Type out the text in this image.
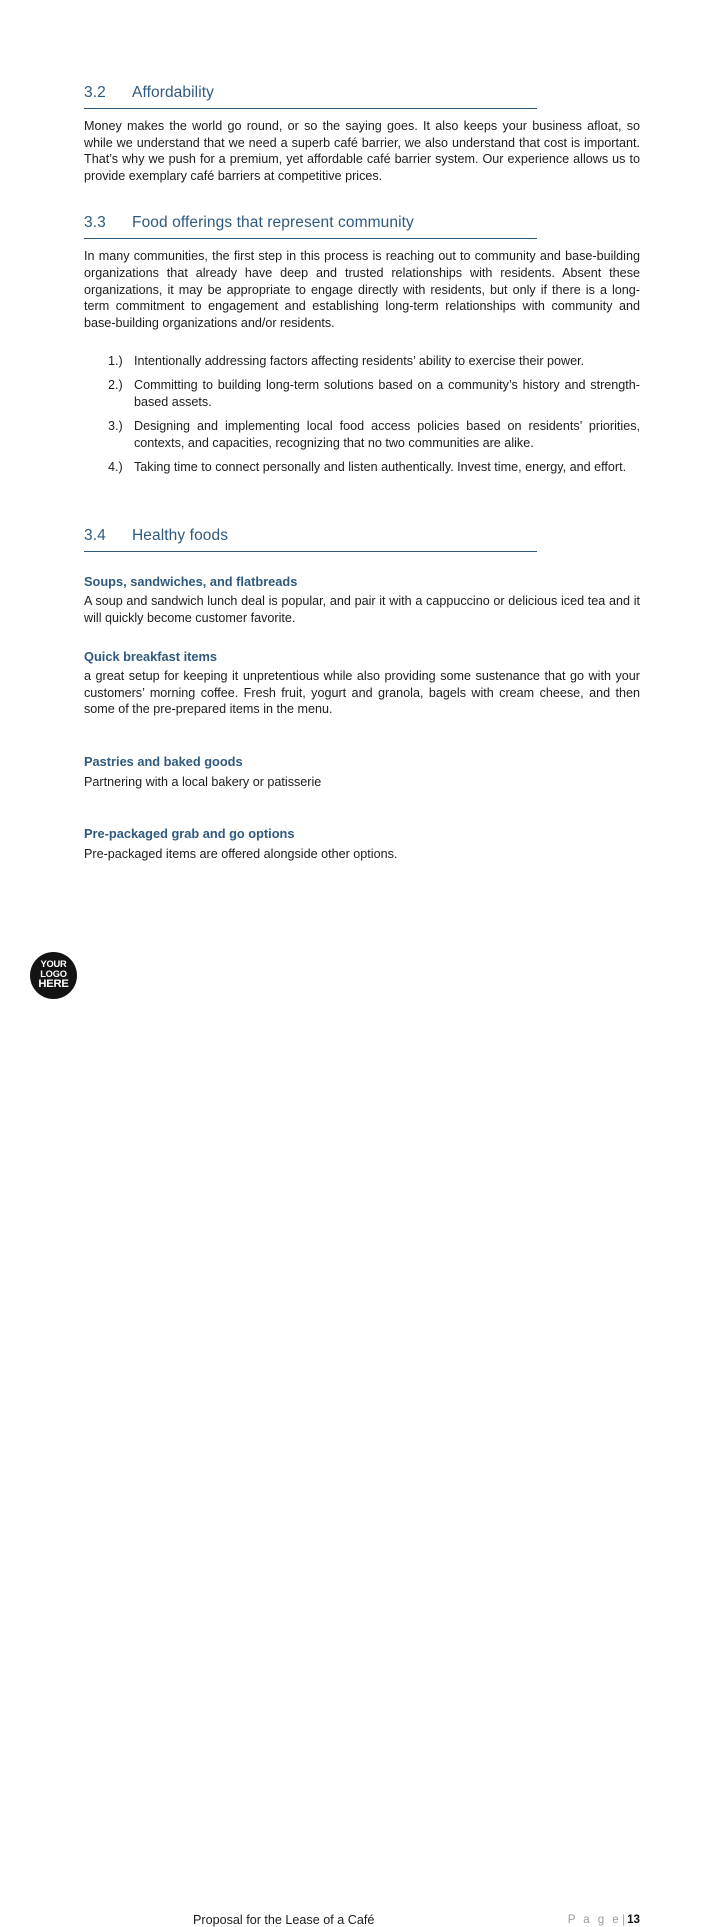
3.2	Affordability

Money makes the world go round, or so the saying goes. It also keeps your business afloat, so while we understand that we need a superb café barrier, we also understand that cost is important. That’s why we push for a premium, yet affordable café barrier system. Our experience allows us to provide exemplary café barriers at competitive prices.

3.3	Food offerings that represent community

In many communities, the first step in this process is reaching out to community and base-building organizations that already have deep and trusted relationships with residents. Absent these organizations, it may be appropriate to engage directly with residents, but only if there is a long-term commitment to engagement and establishing long-term relationships with community and base-building organizations and/or residents.

1.) Intentionally addressing factors affecting residents’ ability to exercise their power.
2.) Committing to building long-term solutions based on a community’s history and strength-based assets.
3.) Designing and implementing local food access policies based on residents’ priorities, contexts, and capacities, recognizing that no two communities are alike.
4.) Taking time to connect personally and listen authentically. Invest time, energy, and effort.
3.4	Healthy foods
Soups, sandwiches, and flatbreads

A soup and sandwich lunch deal is popular, and pair it with a cappuccino or delicious iced tea and it will quickly become customer favorite.

Quick breakfast items

a great setup for keeping it unpretentious while also providing some sustenance that go with your customers’ morning coffee. Fresh fruit, yogurt and granola, bagels with cream cheese, and then some of the pre-prepared items in the menu.

Pastries and baked goods

Partnering with a local bakery or patisserie

Pre-packaged grab and go options

Pre-packaged items are offered alongside other options.

YOUR
LOGO
HERE
Proposal for the Lease of a Café	P a g e| 13
